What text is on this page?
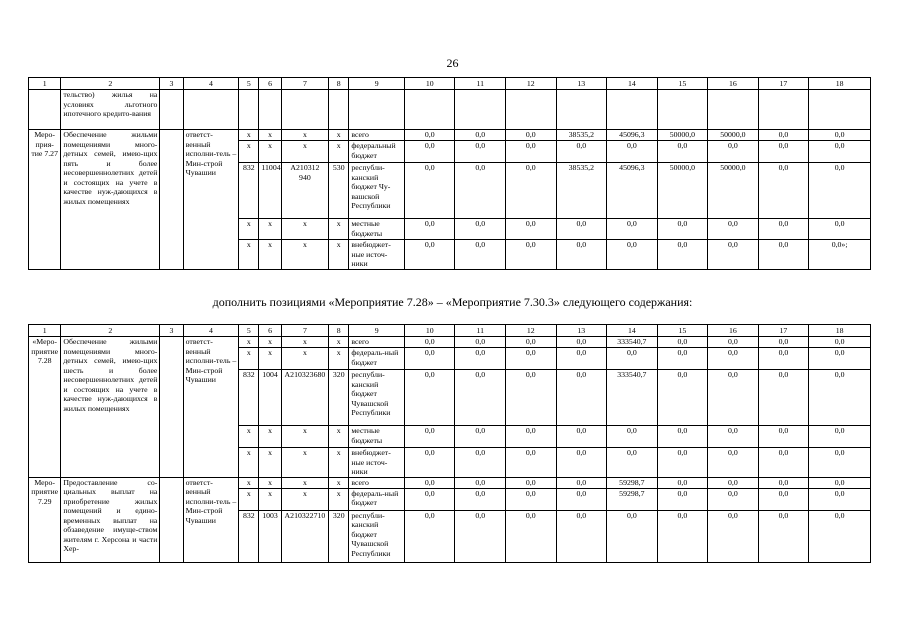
26
1	2	3	4	5	6	7	8	9	10	11	12	13	14	15	16	17	18
	тельство) жилья на условиях льготного ипотечного кредито-вания																
Меро-прия-тие 7.27	Обеспечение жильми помещениями много-детных семей, имею-щих пять и более несовершеннолетних детей и состоящих на учете в качестве нуж-дающихся в жилых помещениях		ответст-венный исполни-тель – Мин-строй Чувашии	x	x	x	x	всего	0,0	0,0	0,0	38535,2	45096,3	50000,0	50000,0	0,0	0,0
				x	x	x	x	федеральный бюджет	0,0	0,0	0,0	0,0	0,0	0,0	0,0	0,0	0,0
				832	11004	A210312 940	530	республи-канский бюджет Чу-вашской Республики	0,0	0,0	0,0	38535,2	45096,3	50000,0	50000,0	0,0	0,0
				x	x	x	x	местные бюджеты	0,0	0,0	0,0	0,0	0,0	0,0	0,0	0,0	0,0
				x	x	x	x	внебюджет-ные источ-ники	0,0	0,0	0,0	0,0	0,0	0,0	0,0	0,0	0,0»;
дополнить позициями «Мероприятие 7.28» – «Мероприятие 7.30.3» следующего содержания:
1	2	3	4	5	6	7	8	9	10	11	12	13	14	15	16	17	18
«Меро-приятие 7.28	Обеспечение жилыми помещениями много-детных семей, имею-щих шесть и более несовершеннолетних детей и состоящих на учете в качестве нуж-дающихся в жилых помещениях		ответст-венный исполни-тель – Мин-строй Чувашии	x	x	x	x	всего	0,0	0,0	0,0	0,0	333540,7	0,0	0,0	0,0	0,0
				x	x	x	x	федераль-ный бюджет	0,0	0,0	0,0	0,0	0,0	0,0	0,0	0,0	0,0
				832	1004	A210323680	320	республи-канский бюджет Чувашской Республики	0,0	0,0	0,0	0,0	333540,7	0,0	0,0	0,0	0,0
				x	x	x	x	местные бюджеты	0,0	0,0	0,0	0,0	0,0	0,0	0,0	0,0	0,0
				x	x	x	x	внебюджет-ные источ-ники	0,0	0,0	0,0	0,0	0,0	0,0	0,0	0,0	0,0
Меро-приятие 7.29	Предоставление со-циальных выплат на приобретение жилых помещений и едино-временных выплат на обзаведение имуще-ством жителям г. Херсона и части Хер-		ответст-венный исполни-тель – Мин-строй Чувашии	x	x	x	x	всего	0,0	0,0	0,0	0,0	59298,7	0,0	0,0	0,0	0,0
				x	x	x	x	федераль-ный бюджет	0,0	0,0	0,0	0,0	59298,7	0,0	0,0	0,0	0,0
				832	1003	A210322710	320	республи-канский бюджет Чувашской Республики	0,0	0,0	0,0	0,0	0,0	0,0	0,0	0,0	0,0
